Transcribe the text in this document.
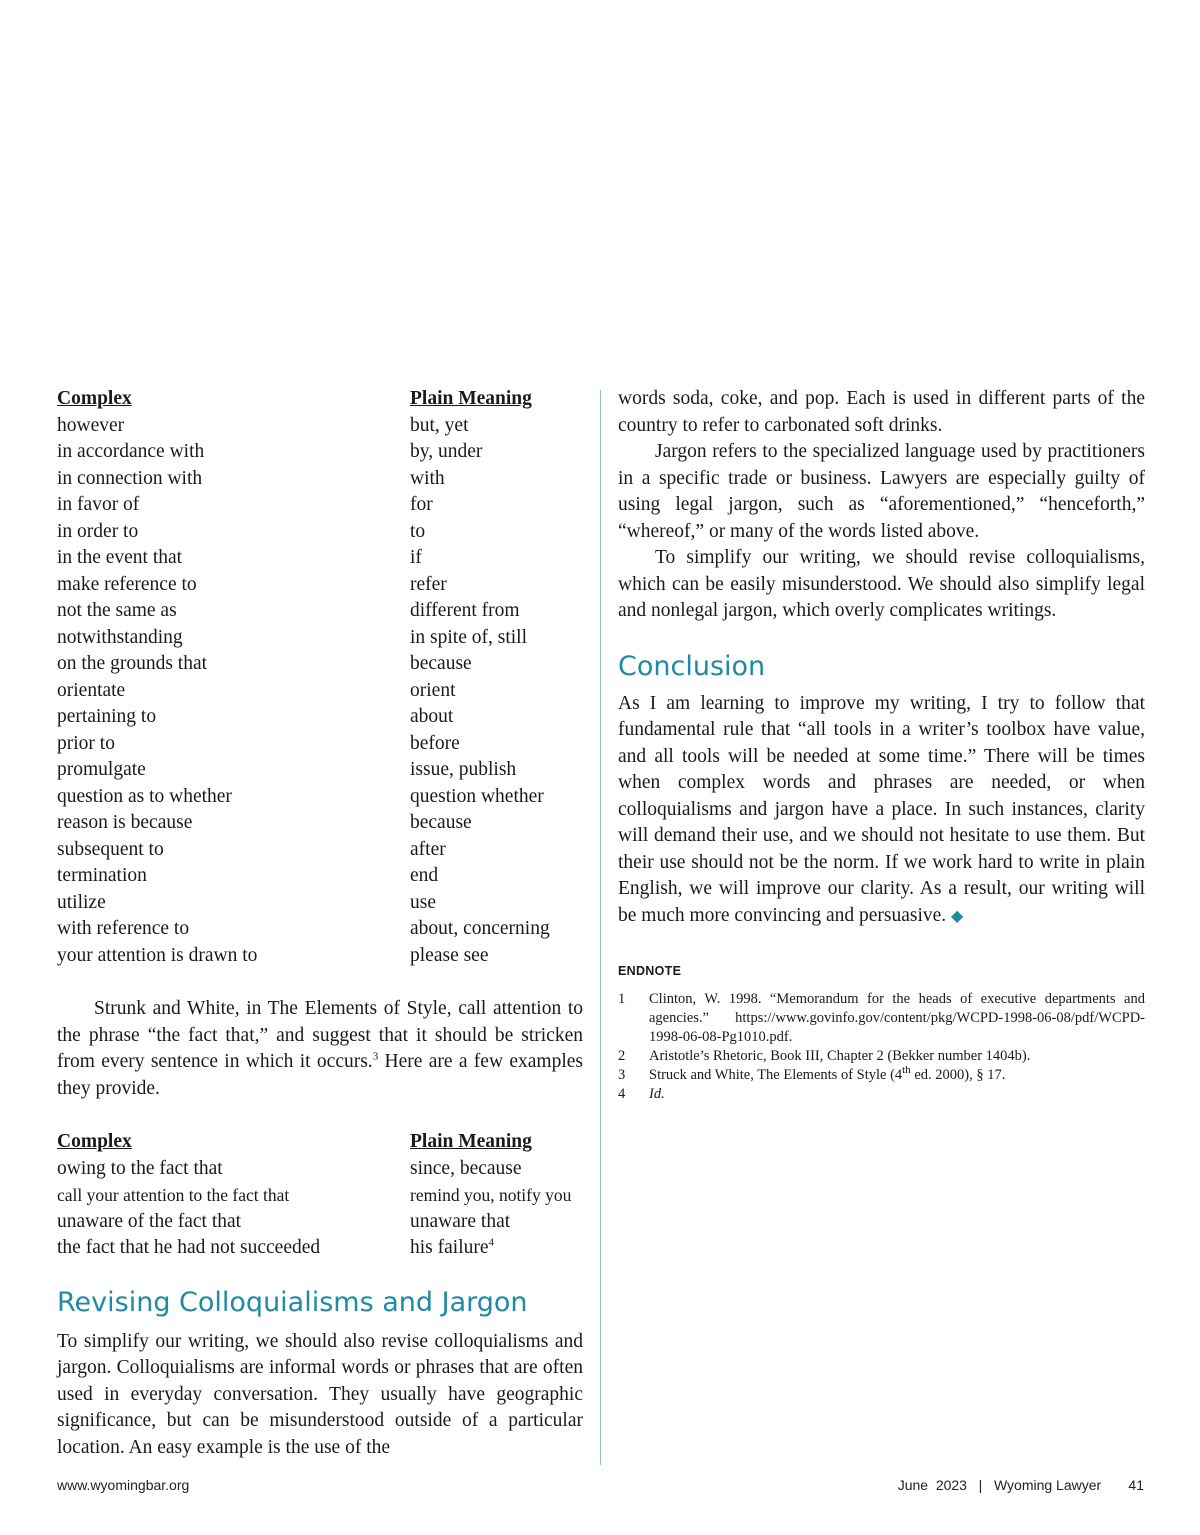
Complex	Plain Meaning
however	but, yet
in accordance with	by, under
in connection with	with
in favor of	for
in order to	to
in the event that	if
make reference to	refer
not the same as	different from
notwithstanding	in spite of, still
on the grounds that	because
orientate	orient
pertaining to	about
prior to	before
promulgate	issue, publish
question as to whether	question whether
reason is because	because
subsequent to	after
termination	end
utilize	use
with reference to	about, concerning
your attention is drawn to	please see

Strunk and White, in The Elements of Style, call attention to the phrase “the fact that,” and suggest that it should be stricken from every sentence in which it occurs.$^3$ Here are a few examples they provide.

Complex	Plain Meaning
owing to the fact that	since, because
call your attention to the fact that	remind you, notify you
unaware of the fact that	unaware that
the fact that he had not succeeded	his failure$^4$
Revising Colloquialisms and Jargon

To simplify our writing, we should also revise colloquialisms and jargon. Colloquialisms are informal words or phrases that are often used in everyday conversation. They usually have geographic significance, but can be misunderstood outside of a particular location. An easy example is the use of the

words soda, coke, and pop. Each is used in different parts of the country to refer to carbonated soft drinks.

Jargon refers to the specialized language used by practitioners in a specific trade or business. Lawyers are especially guilty of using legal jargon, such as “aforementioned,” “henceforth,” “whereof,” or many of the words listed above.

To simplify our writing, we should revise colloquialisms, which can be easily misunderstood. We should also simplify legal and nonlegal jargon, which overly complicates writings.

Conclusion

As I am learning to improve my writing, I try to follow that fundamental rule that “all tools in a writer’s toolbox have value, and all tools will be needed at some time.” There will be times when complex words and phrases are needed, or when colloquialisms and jargon have a place. In such instances, clarity will demand their use, and we should not hesitate to use them. But their use should not be the norm. If we work hard to write in plain English, we will improve our clarity. As a result, our writing will be much more convincing and persuasive. ◆

ENDNOTE

1 Clinton, W. 1998. “Memorandum for the heads of executive departments and agencies.” https://www.govinfo.gov/content/pkg/WCPD-1998-06-08/pdf/WCPD-1998-06-08-Pg1010.pdf.
2 Aristotle’s Rhetoric, Book III, Chapter 2 (Bekker number 1404b).
3 Struck and White, The Elements of Style (4th ed. 2000), § 17.
4 Id.
www.wyomingbar.org	June  2023   |   Wyoming Lawyer       41
